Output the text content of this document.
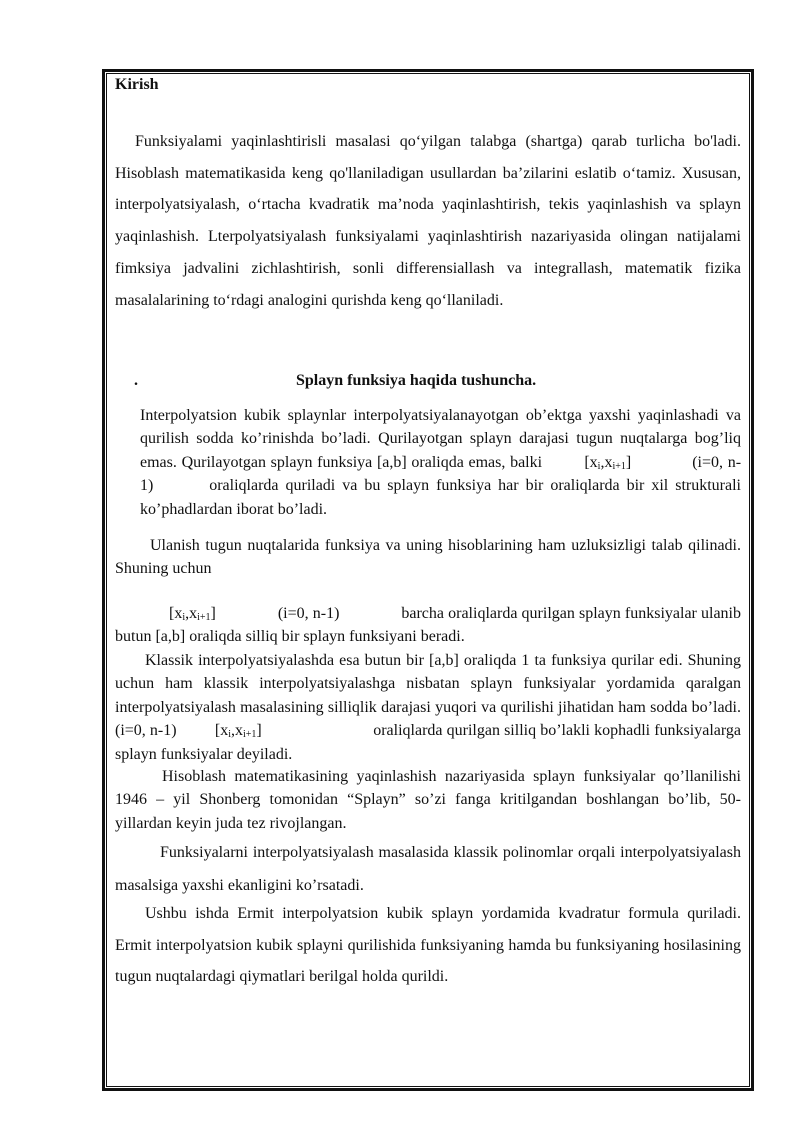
Kirish

Funksiyalami yaqinlashtirisli masalasi qo‘yilgan talabga (shartga) qarab turlicha bo'ladi. Hisoblash matematikasida keng qo'llaniladigan usullardan ba’zilarini eslatib o‘tamiz. Xususan, interpolyatsiyalash, o‘rtacha kvadratik ma’noda yaqinlashtirish, tekis yaqinlashish va splayn yaqinlashish. Lterpolyatsiyalash funksiyalami yaqinlashtirish nazariyasida olingan natijalami fimksiya jadvalini zichlashtirish, sonli differensiallash va integrallash, matematik fizika masalalarining to‘rdagi analogini qurishda keng qo‘llaniladi.

.	Splayn funksiya haqida tushuncha.

Interpolyatsion kubik splaynlar interpolyatsiyalanayotgan ob’ektga yaxshi yaqinlashadi va qurilish sodda ko’rinishda bo’ladi. Qurilayotgan splayn darajasi tugun nuqtalarga bog’liq emas. Qurilayotgan splayn funksiya [a,b] oraliqda emas, balki	$[x_i,x_{i+1}]$	(i=0, n-1)	oraliqlarda quriladi va bu splayn funksiya har bir oraliqlarda bir xil strukturali ko’phadlardan iborat bo’ladi.

Ulanish tugun nuqtalarida funksiya va uning hisoblarining ham uzluksizligi talab qilinadi. Shuning uchun

$[x_i,x_{i+1}]$	(i=0, n-1)	barcha oraliqlarda qurilgan splayn funksiyalar ulanib butun [a,b] oraliqda silliq bir splayn funksiyani beradi.

Klassik interpolyatsiyalashda esa butun bir [a,b] oraliqda 1 ta funksiya qurilar edi. Shuning uchun ham klassik interpolyatsiyalashga nisbatan splayn funksiyalar yordamida qaralgan interpolyatsiyalash masalasining silliqlik darajasi yuqori va qurilishi jihatidan ham sodda bo’ladi. (i=0, n-1) $[x_i,x_{i+1}]$	oraliqlarda qurilgan silliq bo’lakli kophadli funksiyalarga splayn funksiyalar deyiladi.

Hisoblash matematikasining yaqinlashish nazariyasida splayn funksiyalar qo’llanilishi 1946 – yil Shonberg tomonidan “Splayn” so’zi fanga kritilgandan boshlangan bo’lib, 50-yillardan keyin juda tez rivojlangan.

Funksiyalarni interpolyatsiyalash masalasida klassik polinomlar orqali interpolyatsiyalash masalsiga yaxshi ekanligini ko’rsatadi.

Ushbu ishda Ermit interpolyatsion kubik splayn yordamida kvadratur formula quriladi. Ermit interpolyatsion kubik splayni qurilishida funksiyaning hamda bu funksiyaning hosilasining tugun nuqtalardagi qiymatlari berilgal holda qurildi.
